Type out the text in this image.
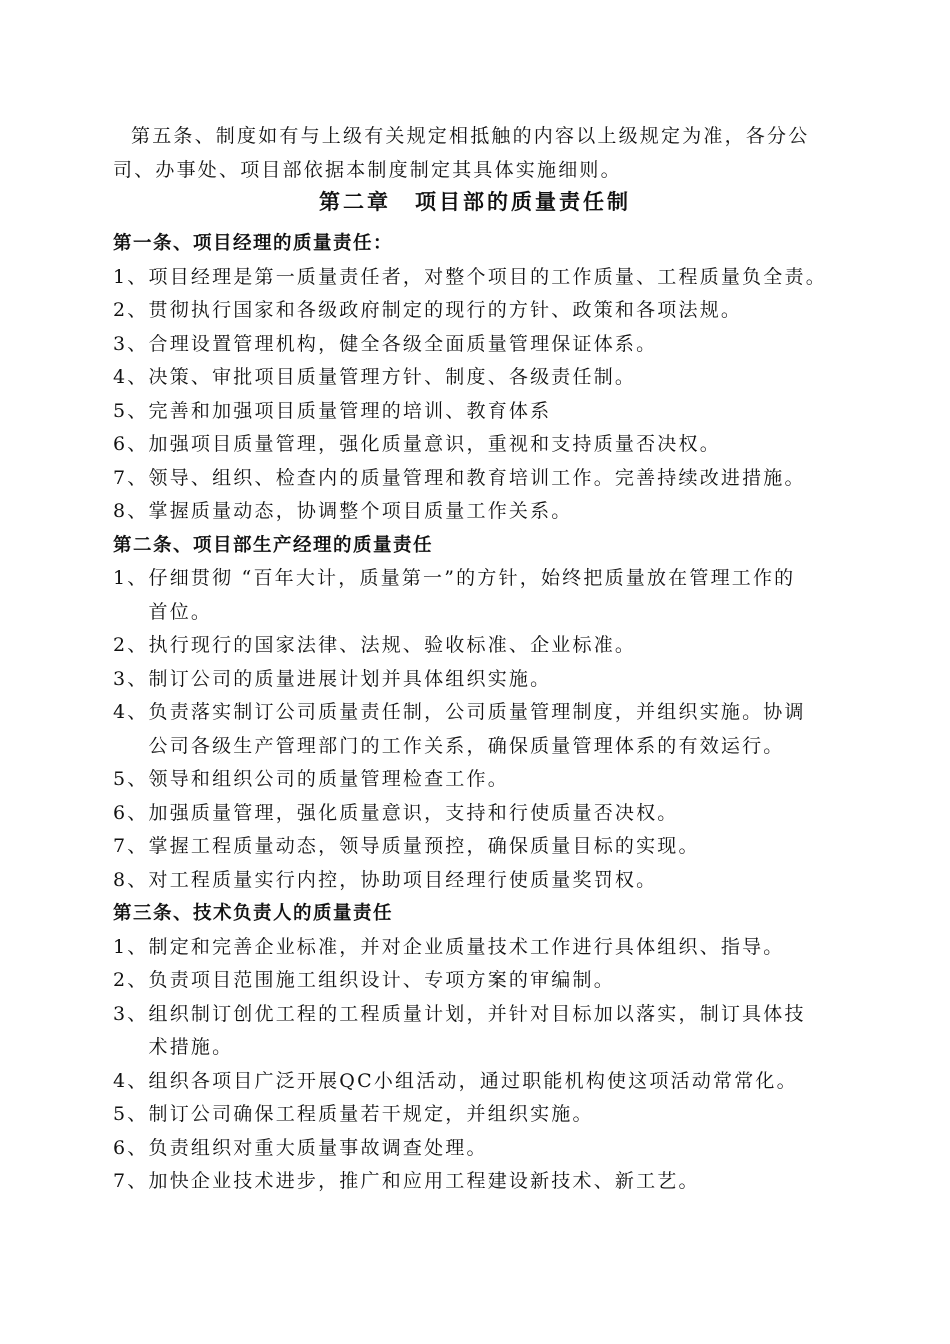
第五条、制度如有与上级有关规定相抵触的内容以上级规定为准，各分公
司、办事处、项目部依据本制度制定其具体实施细则。
第二章　项目部的质量责任制
第一条、项目经理的质量责任：
1、 项目经理是第一质量责任者，对整个项目的工作质量、工程质量负全责。
2、 贯彻执行国家和各级政府制定的现行的方针、政策和各项法规。
3、 合理设置管理机构，健全各级全面质量管理保证体系。
4、 决策、审批项目质量管理方针、制度、各级责任制。
5、 完善和加强项目质量管理的培训、教育体系
6、 加强项目质量管理，强化质量意识，重视和支持质量否决权。
7、 领导、组织、检查内的质量管理和教育培训工作。完善持续改进措施。
8、 掌握质量动态，协调整个项目质量工作关系。
第二条、项目部生产经理的质量责任
1、 仔细贯彻 “百年大计，质量第一”的方针，始终把质量放在管理工作的
首位。
2、 执行现行的国家法律、法规、验收标准、企业标准。
3、 制订公司的质量进展计划并具体组织实施。
4、 负责落实制订公司质量责任制，公司质量管理制度，并组织实施。协调
公司各级生产管理部门的工作关系，确保质量管理体系的有效运行。
5、 领导和组织公司的质量管理检查工作。
6、 加强质量管理，强化质量意识，支持和行使质量否决权。
7、 掌握工程质量动态，领导质量预控，确保质量目标的实现。
8、 对工程质量实行内控，协助项目经理行使质量奖罚权。
第三条、技术负责人的质量责任
1、 制定和完善企业标准，并对企业质量技术工作进行具体组织、指导。
2、 负责项目范围施工组织设计、专项方案的审编制。
3、 组织制订创优工程的工程质量计划，并针对目标加以落实，制订具体技
术措施。
4、 组织各项目广泛开展QC小组活动，通过职能机构使这项活动常常化。
5、 制订公司确保工程质量若干规定，并组织实施。
6、 负责组织对重大质量事故调查处理。
7、 加快企业技术进步，推广和应用工程建设新技术、新工艺。
